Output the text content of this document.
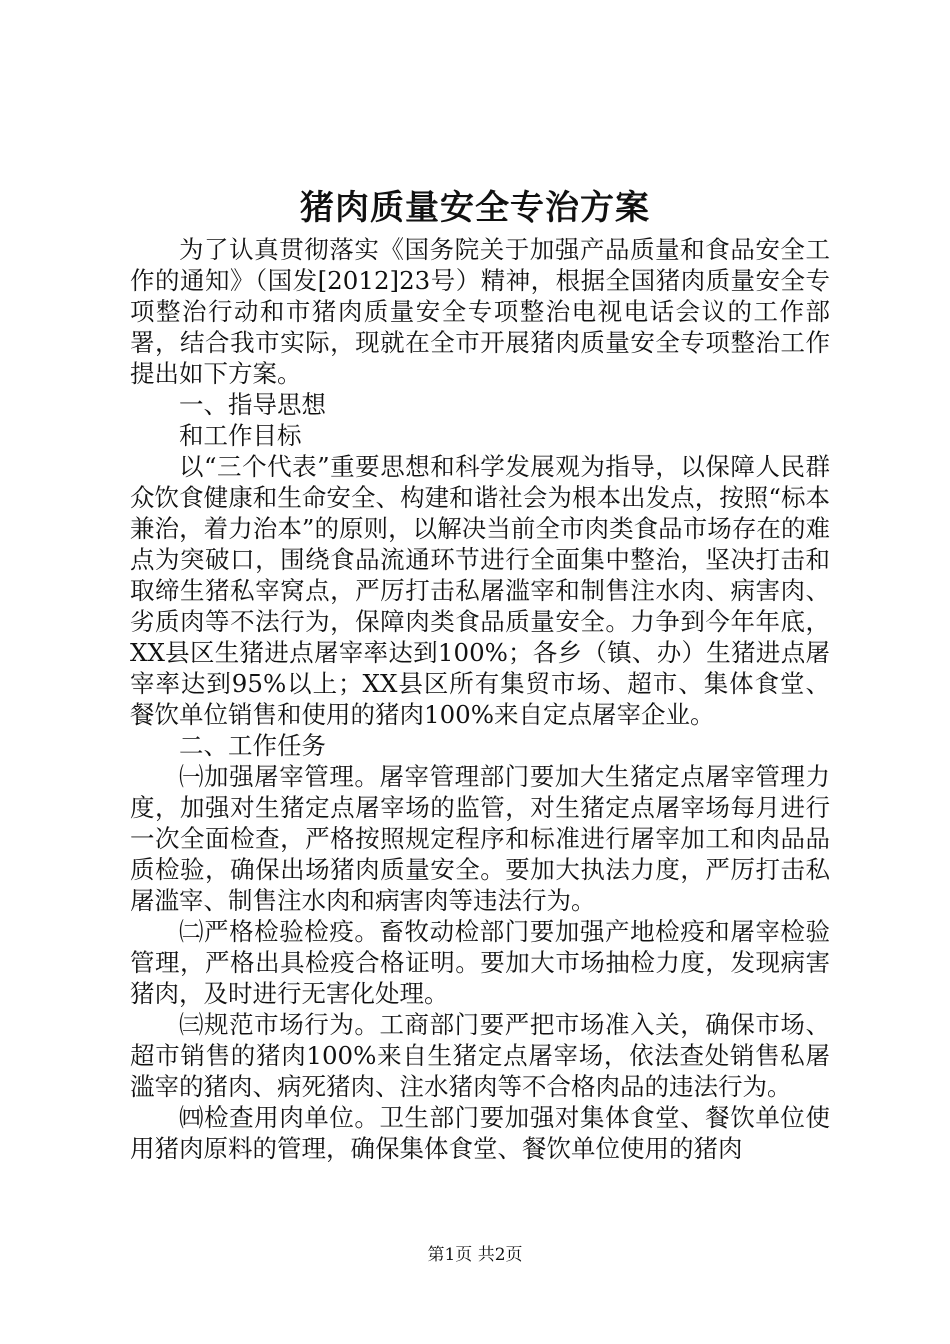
猪肉质量安全专治方案

为了认真贯彻落实《国务院关于加强产品质量和食品安全工作的通知》（国发[2012]23号）精神，根据全国猪肉质量安全专项整治行动和市猪肉质量安全专项整治电视电话会议的工作部署，结合我市实际，现就在全市开展猪肉质量安全专项整治工作提出如下方案。

一、指导思想

和工作目标

以“三个代表”重要思想和科学发展观为指导，以保障人民群众饮食健康和生命安全、构建和谐社会为根本出发点，按照“标本兼治，着力治本”的原则，以解决当前全市肉类食品市场存在的难点为突破口，围绕食品流通环节进行全面集中整治，坚决打击和取缔生猪私宰窝点，严厉打击私屠滥宰和制售注水肉、病害肉、劣质肉等不法行为，保障肉类食品质量安全。力争到今年年底，XX县区生猪进点屠宰率达到100%；各乡（镇、办）生猪进点屠宰率达到95%以上；XX县区所有集贸市场、超市、集体食堂、餐饮单位销售和使用的猪肉100%来自定点屠宰企业。

二、工作任务

㈠加强屠宰管理。屠宰管理部门要加大生猪定点屠宰管理力度，加强对生猪定点屠宰场的监管，对生猪定点屠宰场每月进行一次全面检查，严格按照规定程序和标准进行屠宰加工和肉品品质检验，确保出场猪肉质量安全。要加大执法力度，严厉打击私屠滥宰、制售注水肉和病害肉等违法行为。

㈡严格检验检疫。畜牧动检部门要加强产地检疫和屠宰检验管理，严格出具检疫合格证明。要加大市场抽检力度，发现病害猪肉，及时进行无害化处理。

㈢规范市场行为。工商部门要严把市场准入关，确保市场、超市销售的猪肉100%来自生猪定点屠宰场，依法查处销售私屠滥宰的猪肉、病死猪肉、注水猪肉等不合格肉品的违法行为。

㈣检查用肉单位。卫生部门要加强对集体食堂、餐饮单位使用猪肉原料的管理，确保集体食堂、餐饮单位使用的猪肉

第1页 共2页
